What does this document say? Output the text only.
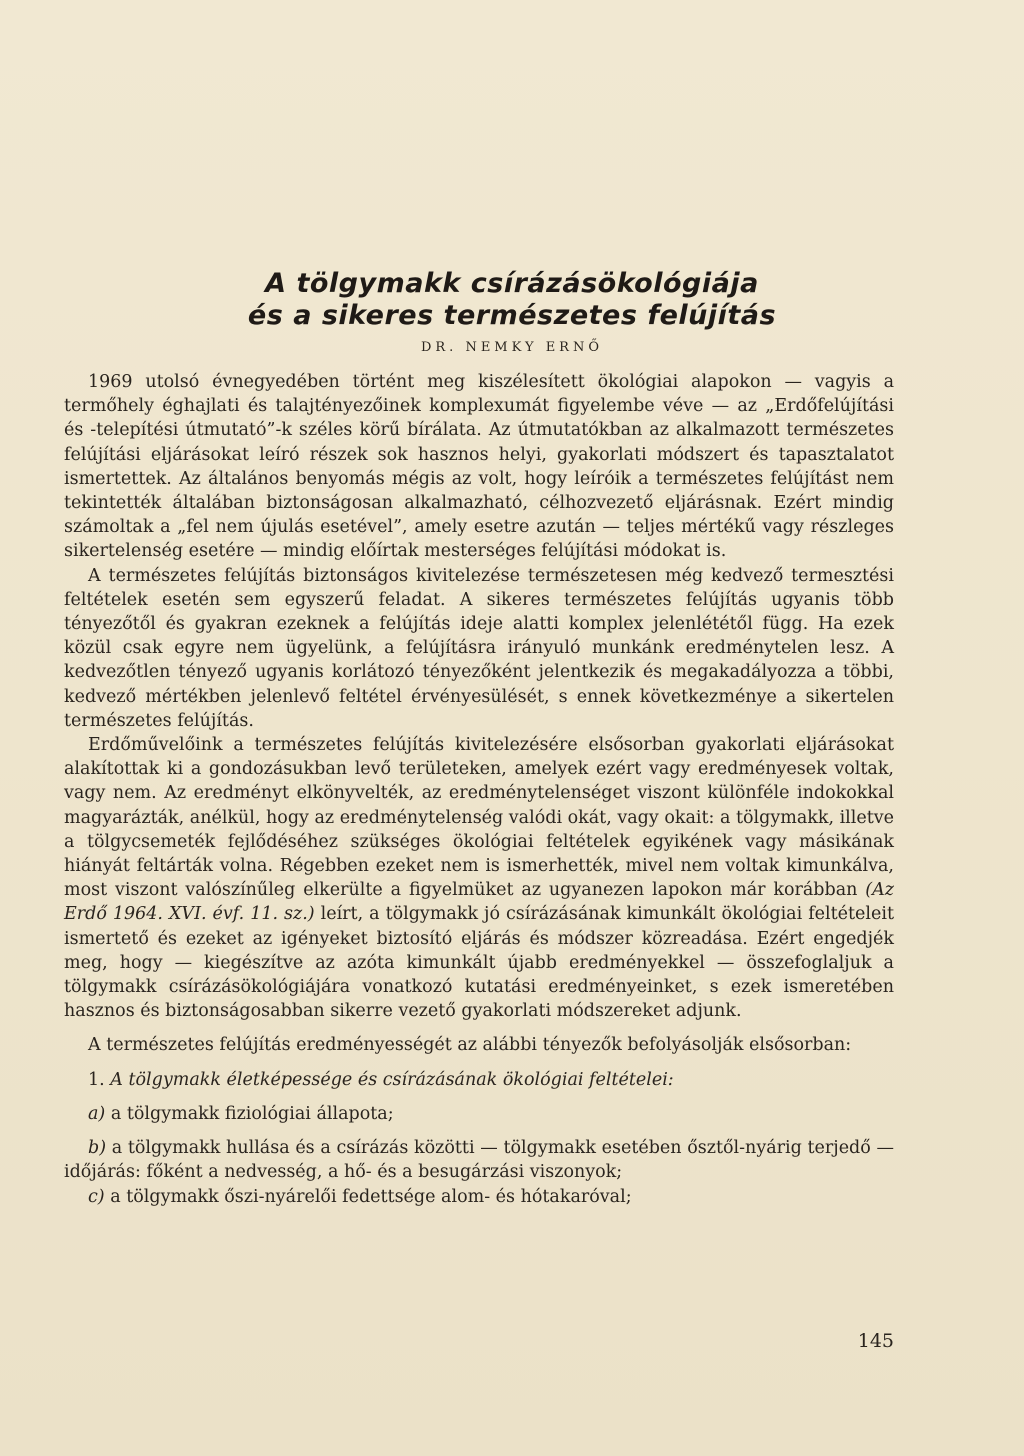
A tölgymakk csírázásökológiája
és a sikeres természetes felújítás
DR. NEMKY ERNŐ

1969 utolsó évnegyedében történt meg kiszélesített ökológiai alapokon — vagyis a termőhely éghajlati és talajtényezőinek komplexumát figyelembe véve — az „Erdőfelújítási és -telepítési útmutató”-k széles körű bírálata. Az útmutatókban az alkalmazott természetes felújítási eljárásokat leíró részek sok hasznos helyi, gyakorlati módszert és tapasztalatot ismertettek. Az általános benyomás mégis az volt, hogy leíróik a természetes felújítást nem tekintették általában biztonságosan alkalmazható, célhozvezető eljárásnak. Ezért mindig számoltak a „fel nem újulás esetével”, amely esetre azután — teljes mértékű vagy részleges sikertelenség esetére — mindig előírtak mesterséges felújítási módokat is.

A természetes felújítás biztonságos kivitelezése természetesen még kedvező termesztési feltételek esetén sem egyszerű feladat. A sikeres természetes felújítás ugyanis több tényezőtől és gyakran ezeknek a felújítás ideje alatti komplex jelenlététől függ. Ha ezek közül csak egyre nem ügyelünk, a felújításra irányuló munkánk eredménytelen lesz. A kedvezőtlen tényező ugyanis korlátozó tényezőként jelentkezik és megakadályozza a többi, kedvező mértékben jelenlevő feltétel érvényesülését, s ennek következménye a sikertelen természetes felújítás.

Erdőművelőink a természetes felújítás kivitelezésére elsősorban gyakorlati eljárásokat alakítottak ki a gondozásukban levő területeken, amelyek ezért vagy eredményesek voltak, vagy nem. Az eredményt elkönyvelték, az eredménytelenséget viszont különféle indokokkal magyarázták, anélkül, hogy az eredménytelenség valódi okát, vagy okait: a tölgymakk, illetve a tölgycsemeték fejlődéséhez szükséges ökológiai feltételek egyikének vagy másikának hiányát feltárták volna. Régebben ezeket nem is ismerhették, mivel nem voltak kimunkálva, most viszont valószínűleg elkerülte a figyelmüket az ugyanezen lapokon már korábban (Az Erdő 1964. XVI. évf. 11. sz.) leírt, a tölgymakk jó csírázásának kimunkált ökológiai feltételeit ismertető és ezeket az igényeket biztosító eljárás és módszer közreadása. Ezért engedjék meg, hogy — kiegészítve az azóta kimunkált újabb eredményekkel — összefoglaljuk a tölgymakk csírázásökológiájára vonatkozó kutatási eredményeinket, s ezek ismeretében hasznos és biztonságosabban sikerre vezető gyakorlati módszereket adjunk.

A természetes felújítás eredményességét az alábbi tényezők befolyásolják elsősorban:

1. A tölgymakk életképessége és csírázásának ökológiai feltételei:

a) a tölgymakk fiziológiai állapota;

b) a tölgymakk hullása és a csírázás közötti — tölgymakk esetében ősztől-nyárig terjedő — időjárás: főként a nedvesség, a hő- és a besugárzási viszonyok;

c) a tölgymakk őszi-nyárelői fedettsége alom- és hótakaróval;

145
